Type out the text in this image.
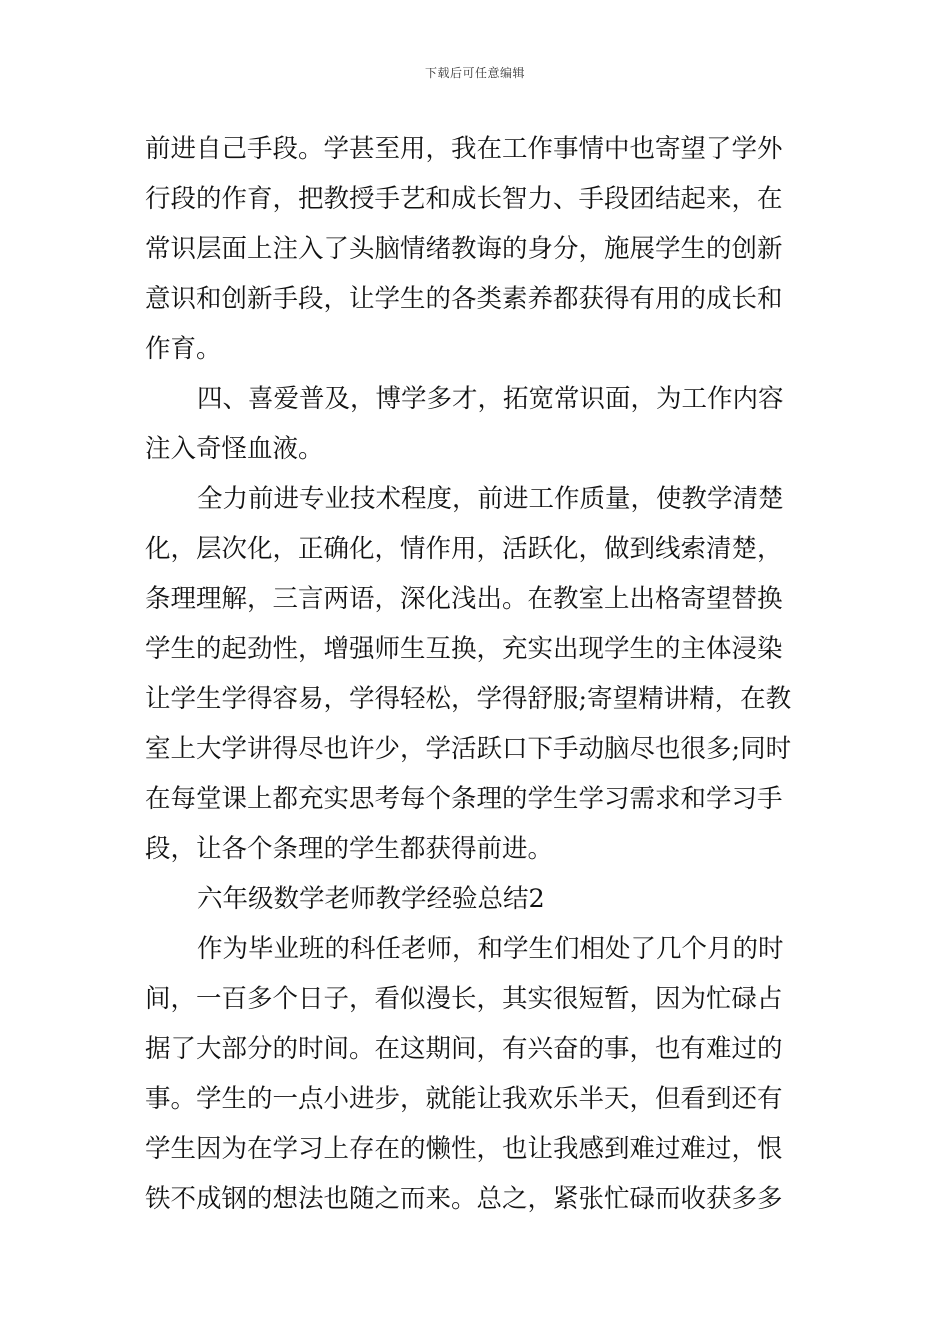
下载后可任意编辑
前进自己手段。学甚至用，我在工作事情中也寄望了学外
行段的作育，把教授手艺和成长智力、手段团结起来，在
常识层面上注入了头脑情绪教诲的身分，施展学生的创新
意识和创新手段，让学生的各类素养都获得有用的成长和
作育。
四、喜爱普及，博学多才，拓宽常识面，为工作内容
注入奇怪血液。
全力前进专业技术程度，前进工作质量，使教学清楚
化，层次化，正确化，情作用，活跃化，做到线索清楚，
条理理解，三言两语，深化浅出。在教室上出格寄望替换
学生的起劲性，增强师生互换，充实出现学生的主体浸染
让学生学得容易，学得轻松，学得舒服;寄望精讲精，在教
室上大学讲得尽也许少，学活跃口下手动脑尽也很多;同时
在每堂课上都充实思考每个条理的学生学习需求和学习手
段，让各个条理的学生都获得前进。
六年级数学老师教学经验总结2
作为毕业班的科任老师，和学生们相处了几个月的时
间，一百多个日子，看似漫长，其实很短暂，因为忙碌占
据了大部分的时间。在这期间，有兴奋的事，也有难过的
事。学生的一点小进步，就能让我欢乐半天，但看到还有
学生因为在学习上存在的懒性，也让我感到难过难过，恨
铁不成钢的想法也随之而来。总之，紧张忙碌而收获多多
